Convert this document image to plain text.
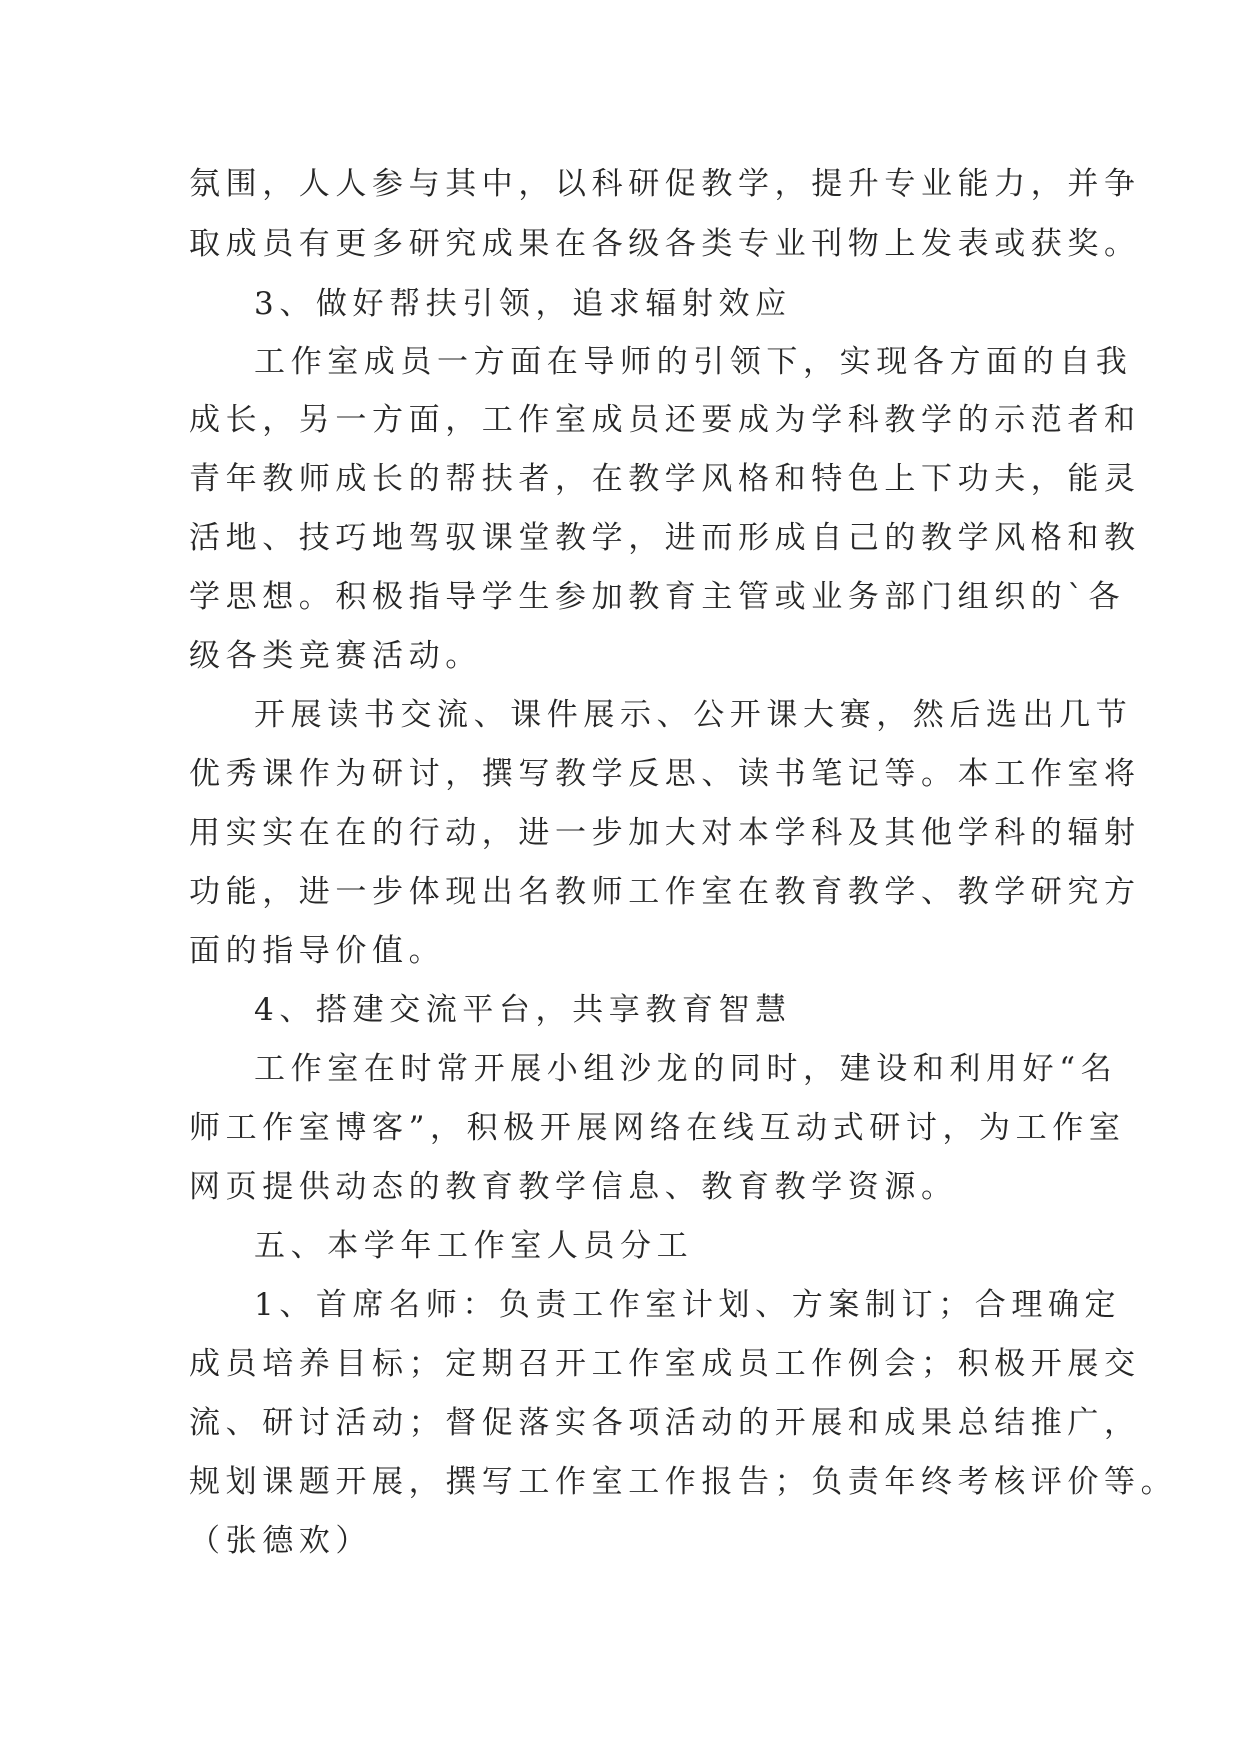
氛围，人人参与其中，以科研促教学，提升专业能力，并争

取成员有更多研究成果在各级各类专业刊物上发表或获奖。

3、做好帮扶引领，追求辐射效应

工作室成员一方面在导师的引领下，实现各方面的自我

成长，另一方面，工作室成员还要成为学科教学的示范者和

青年教师成长的帮扶者，在教学风格和特色上下功夫，能灵

活地、技巧地驾驭课堂教学，进而形成自己的教学风格和教

学思想。积极指导学生参加教育主管或业务部门组织的`各

级各类竞赛活动。

开展读书交流、课件展示、公开课大赛，然后选出几节

优秀课作为研讨，撰写教学反思、读书笔记等。本工作室将

用实实在在的行动，进一步加大对本学科及其他学科的辐射

功能，进一步体现出名教师工作室在教育教学、教学研究方

面的指导价值。

4、搭建交流平台，共享教育智慧

工作室在时常开展小组沙龙的同时，建设和利用好“名

师工作室博客”，积极开展网络在线互动式研讨，为工作室

网页提供动态的教育教学信息、教育教学资源。

五、本学年工作室人员分工

1、首席名师：负责工作室计划、方案制订；合理确定

成员培养目标；定期召开工作室成员工作例会；积极开展交

流、研讨活动；督促落实各项活动的开展和成果总结推广，

规划课题开展，撰写工作室工作报告；负责年终考核评价等。

（张德欢）
